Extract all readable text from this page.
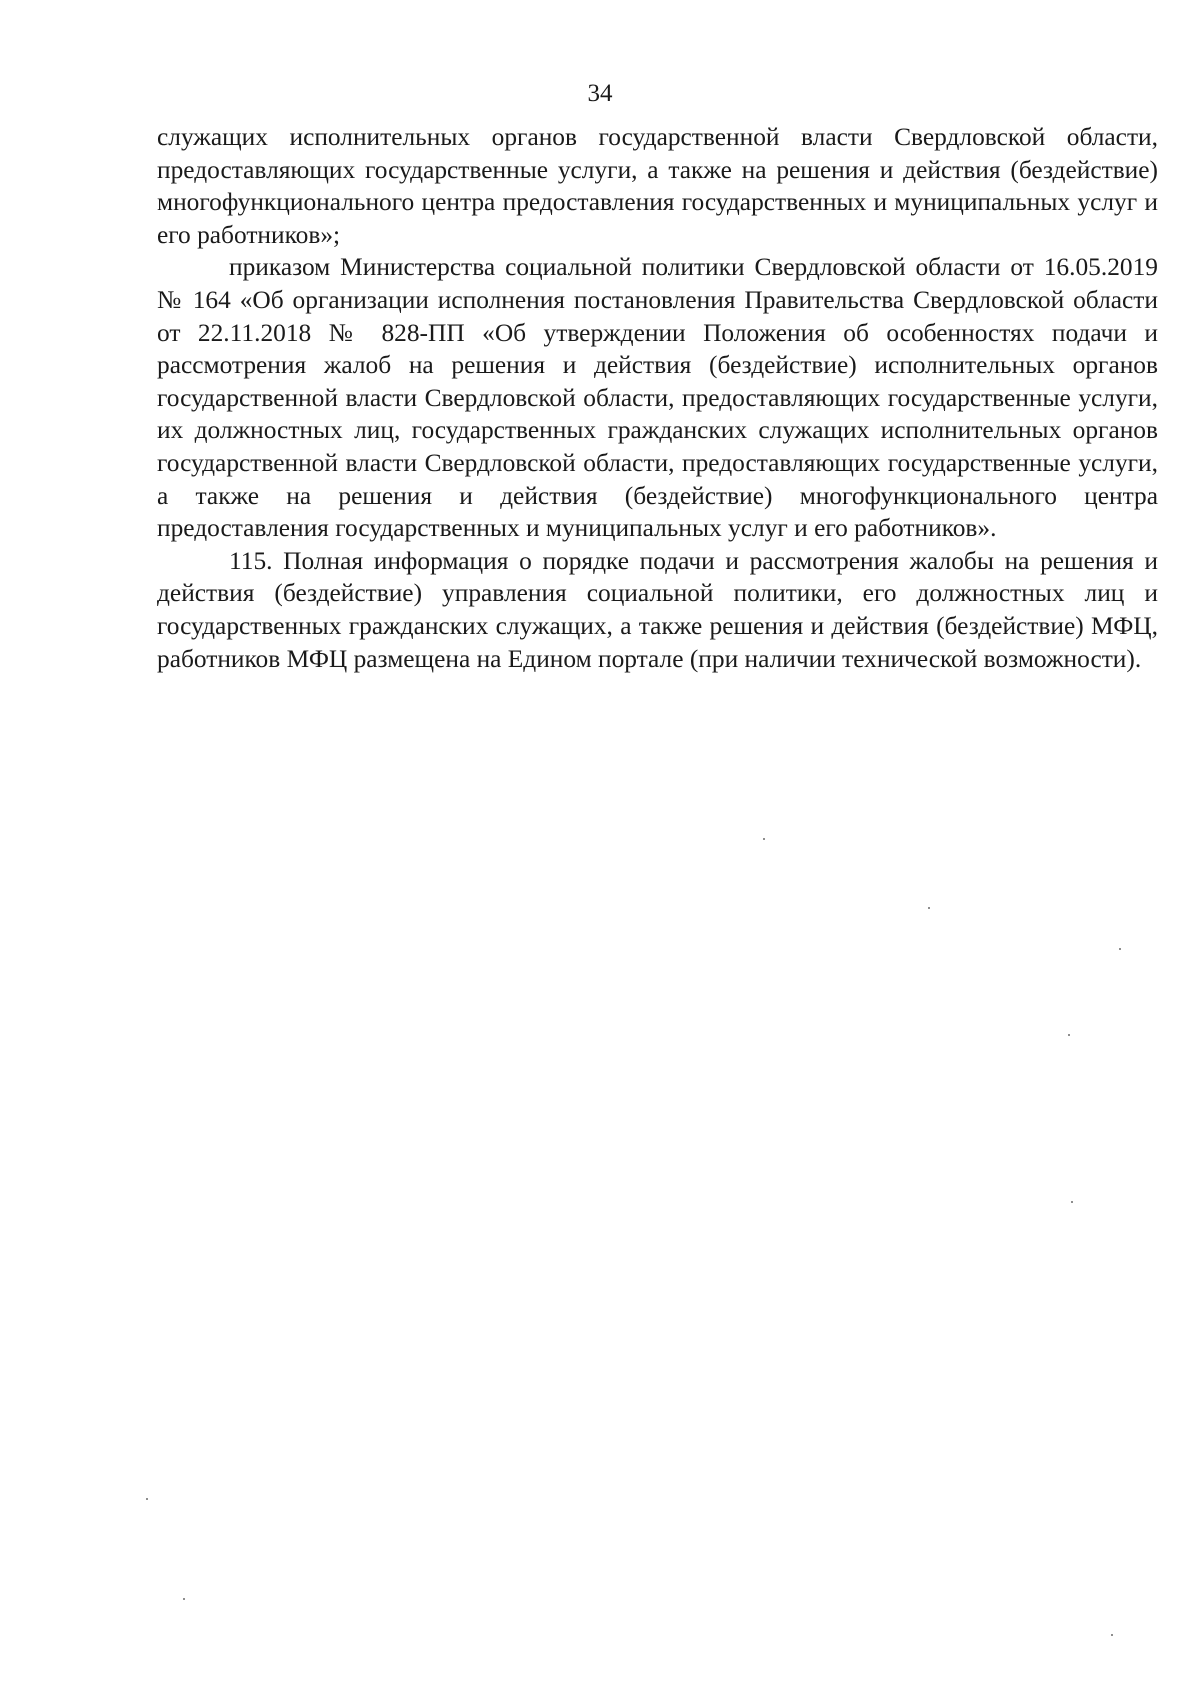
34

служащих исполнительных органов государственной власти Свердловской области, предоставляющих государственные услуги, а также на решения и действия (бездействие) многофункционального центра предоставления государственных и муниципальных услуг и его работников»;

приказом Министерства социальной политики Свердловской области от 16.05.2019 № 164 «Об организации исполнения постановления Правительства Свердловской области от 22.11.2018 № 828-ПП «Об утверждении Положения об особенностях подачи и рассмотрения жалоб на решения и действия (бездействие) исполнительных органов государственной власти Свердловской области, предоставляющих государственные услуги, их должностных лиц, государственных гражданских служащих исполнительных органов государственной власти Свердловской области, предоставляющих государственные услуги, а также на решения и действия (бездействие) многофункционального центра предоставления государственных и муниципальных услуг и его работников».

115. Полная информация о порядке подачи и рассмотрения жалобы на решения и действия (бездействие) управления социальной политики, его должностных лиц и государственных гражданских служащих, а также решения и действия (бездействие) МФЦ, работников МФЦ размещена на Едином портале (при наличии технической возможности).
